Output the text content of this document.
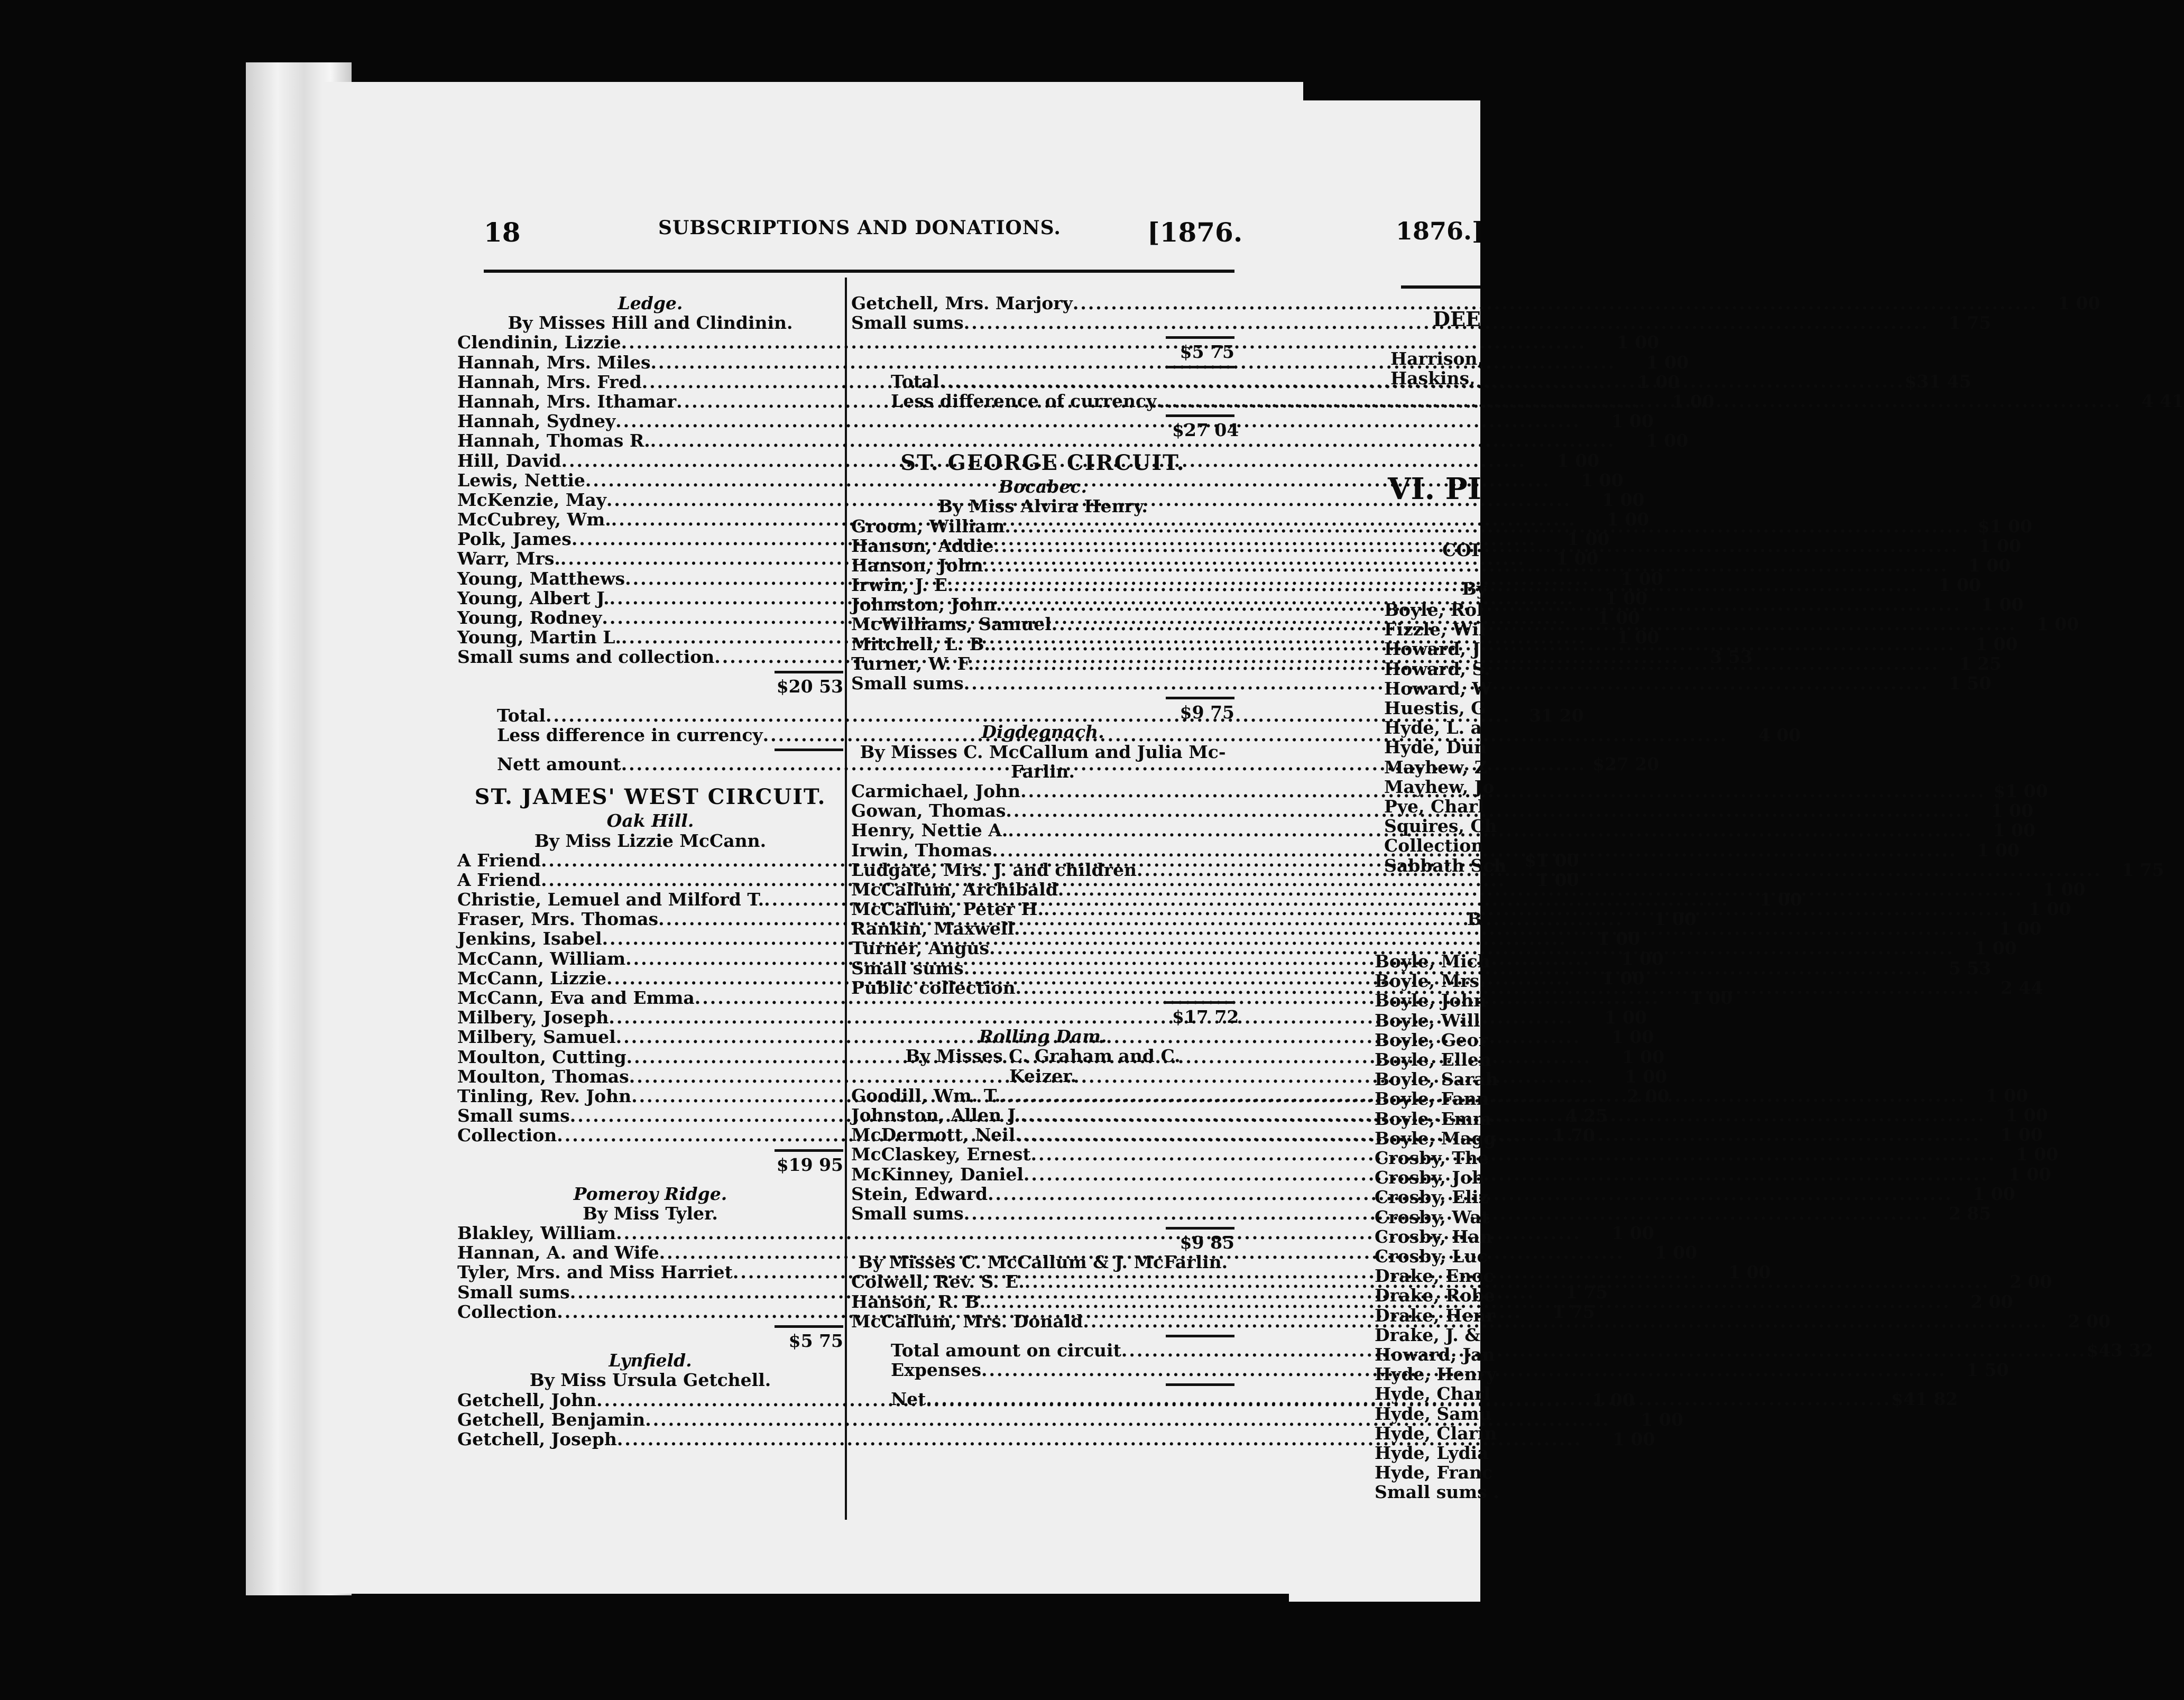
18	SUBSCRIPTIONS AND DONATIONS.	[1876.
Ledge.
By Misses Hill and Clindinin.
Clendinin, Lizzie .....	1 00
Hannah, Mrs. Miles .....	1 00
Hannah, Mrs. Fred .....	1 00
Hannah, Mrs. Ithamar .....	1 00
Hannah, Sydney .....	1 00
Hannah, Thomas R. .....	1 00
Hill, David .....	1 00
Lewis, Nettie .....	1 00
McKenzie, May .....	1 00
McCubrey, Wm. .....	1 00
Polk, James .....	1 00
Warr, Mrs. .....	1 00
Young, Matthews .....	1 00
Young, Albert J. .....	1 00
Young, Rodney .....	1 00
Young, Martin L. .....	1 00
Small sums and collection .....	3 53
$20 53
Total .....	31 20
Less difference in currency .....	4 00
Nett amount .....	$27 20
ST. JAMES' WEST CIRCUIT.
Oak Hill.
By Miss Lizzie McCann.
A Friend .....	$1 00
A Friend .....	1 00
Christie, Lemuel and Milford T. .....	1 00
Fraser, Mrs. Thomas .....	1 00
Jenkins, Isabel .....	1 00
McCann, William .....	1 00
McCann, Lizzie .....	1 00
McCann, Eva and Emma .....	1 00
Milbery, Joseph .....	1 00
Milbery, Samuel .....	1 00
Moulton, Cutting .....	1 00
Moulton, Thomas .....	1 00
Tinling, Rev. John .....	2 00
Small sums .....	4 25
Collection .....	1 70
$19 95
Pomeroy Ridge.
By Miss Tyler.
Blakley, William .....	1 00
Hannan, A. and Wife .....	1 00
Tyler, Mrs. and Miss Harriet .....	1 00
Small sums .....	1 75
Collection .....	1 75
$5 75
Lynfield.
By Miss Ursula Getchell.
Getchell, John .....	1 00
Getchell, Benjamin .....	1 00
Getchell, Joseph .....	1 00
Getchell, Mrs. Marjory .....	1 00
Small sums .....	1 75
$5 75
Total .....	$31 45
Less difference of currency .....	4 41
$27 04
ST. GEORGE CIRCUIT.
Bocabec.
By Miss Alvira Henry.
Groom, William .....	$1 00
Hanson, Addie .....	1 00
Hanson, John .....	1 00
Irwin, J. E. .....	1 00
Johnston, John .....	1 00
McWilliams, Samuel .....	1 00
Mitchell, L. B. .....	1 00
Turner, W. F. .....	1 25
Small sums .....	1 50
$9 75
Digdegnach.
By Misses C. McCallum and Julia Mc-
Farlin.
Carmichael, John .....	$1 00
Gowan, Thomas .....	1 00
Henry, Nettie A. .....	1 00
Irwin, Thomas .....	1 00
Ludgate, Mrs. J. and children .....	1 75
McCallum, Archibald .....	1 00
McCallum, Peter H. .....	1 00
Rankin, Maxwell .....	1 00
Turner, Angus .....	1 00
Small sums .....	5 53
Public collection .....	2 44
$17 72
Rolling Dam.
By Misses C. Graham and C.
Keizer.
Goodill, Wm. T. .....	1 00
Johnston, Allen J. .....	1 00
McDermott, Neil .....	1 00
McClaskey, Ernest .....	1 00
McKinney, Daniel .....	1 00
Stein, Edward .....	1 00
Small sums .....	2 85
$9 85
By Misses C. McCallum & J. McFarlin.
Colwell, Rev. S. E. .....	2 00
Hanson, R. B. .....	2 00
McCallum, Mrs. Donald .....	2 00
Total amount on circuit .....	$43 32
Expenses .....	1 50
Net .....	$41 82
1876.]
DEE
Harrison,
Haskins,
VI. PI
COI
By
Boyle, Rol
Fizzle, Wil
Howard, J
Howard, S.
Howard, W
Huestis, G
Hyde, L. a
Hyde, Dun
Mayhew, Z
Mayhew, Jo
Pye, Charl
Squires, Ch
Collection
Sabbath Sch
B
Boyle, Mich
Boyle, Mrs.
Boyle, John
Boyle, Will
Boyle, Geor
Boyle, Ellen
Boyle, Sarah
Boyle, Fann
Boyle, Emm
Boyle, Magg
Crosby, The
Crosby, Joh
Crosby, Eliz
Crosby, Wat
Crosby, Han
Crosby, Luc
Drake, Enoc
Drake, Robe
Drake, Henr
Drake, J. &
Howard, Jan
Hyde, Henry
Hyde, Charl
Hyde, Samu
Hyde, Clarin
Hyde, Lydia
Hyde, Franc
Small sums .
